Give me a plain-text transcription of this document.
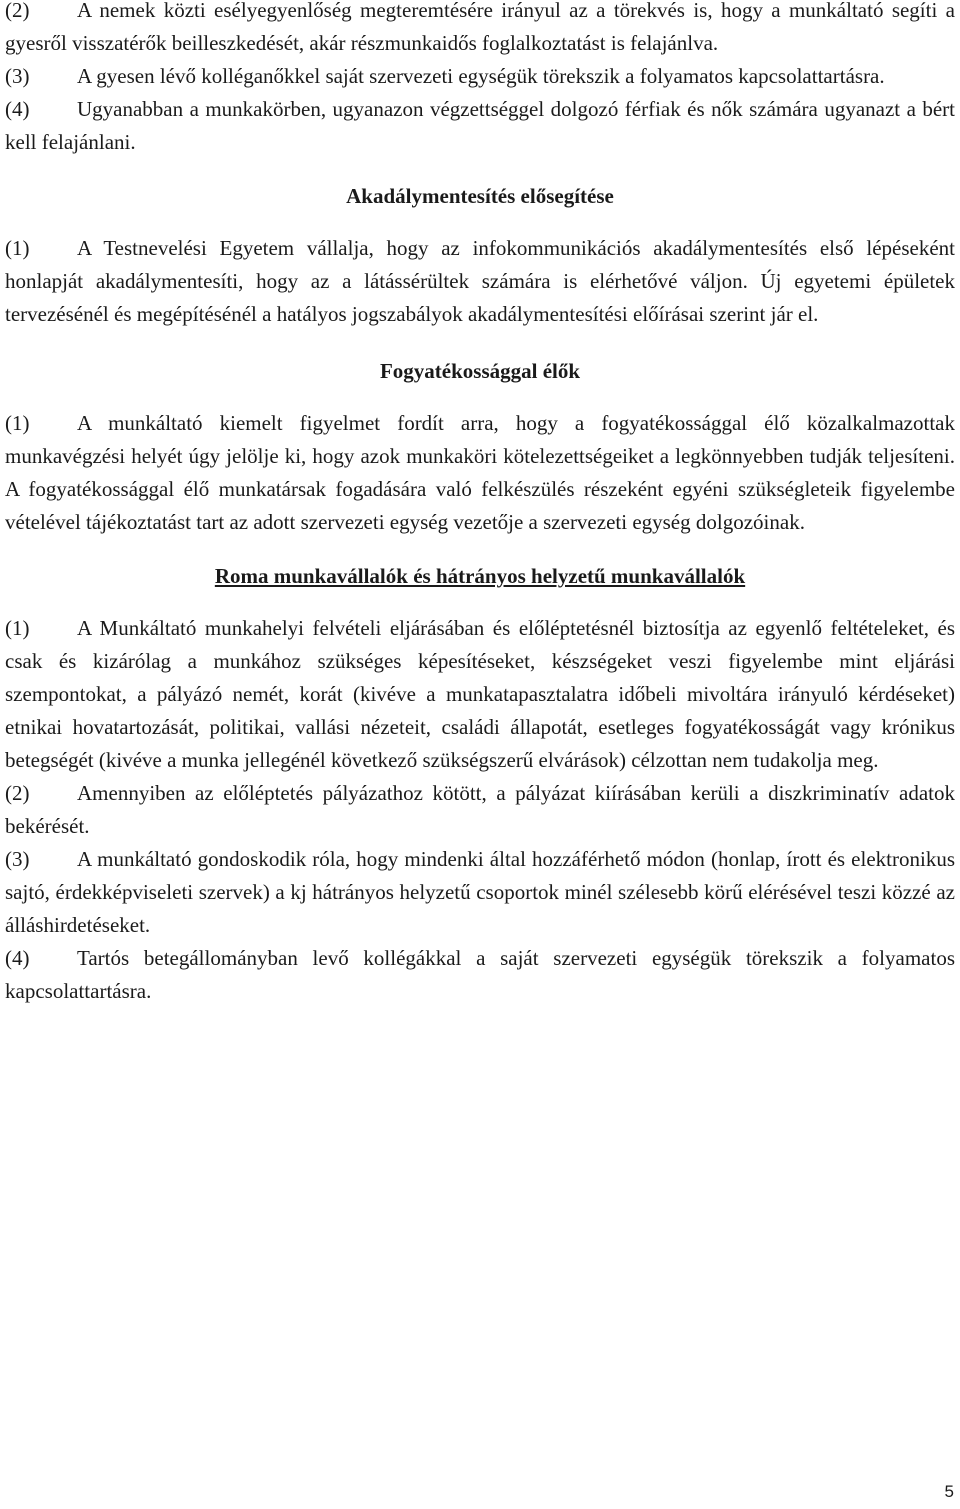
(2) A nemek közti esélyegyenlőség megteremtésére irányul az a törekvés is, hogy a munkáltató segíti a gyesről visszatérők beilleszkedését, akár részmunkaidős foglalkoztatást is felajánlva.

(3) A gyesen lévő kolléganőkkel saját szervezeti egységük törekszik a folyamatos kapcsolattartásra.

(4) Ugyanabban a munkakörben, ugyanazon végzettséggel dolgozó férfiak és nők számára ugyanazt a bért kell felajánlani.

Akadálymentesítés elősegítése

(1) A Testnevelési Egyetem vállalja, hogy az infokommunikációs akadálymentesítés első lépéseként honlapját akadálymentesíti, hogy az a látássérültek számára is elérhetővé váljon. Új egyetemi épületek tervezésénél és megépítésénél a hatályos jogszabályok akadálymentesítési előírásai szerint jár el.

Fogyatékossággal élők

(1) A munkáltató kiemelt figyelmet fordít arra, hogy a fogyatékossággal élő közalkalmazottak munkavégzési helyét úgy jelölje ki, hogy azok munkaköri kötelezettségeiket a legkönnyebben tudják teljesíteni. A fogyatékossággal élő munkatársak fogadására való felkészülés részeként egyéni szükségleteik figyelembe vételével tájékoztatást tart az adott szervezeti egység vezetője a szervezeti egység dolgozóinak.

Roma munkavállalók és hátrányos helyzetű munkavállalók

(1) A Munkáltató munkahelyi felvételi eljárásában és előléptetésnél biztosítja az egyenlő feltételeket, és csak és kizárólag a munkához szükséges képesítéseket, készségeket veszi figyelembe mint eljárási szempontokat, a pályázó nemét, korát (kivéve a munkatapasztalatra időbeli mivoltára irányuló kérdéseket) etnikai hovatartozását, politikai, vallási nézeteit, családi állapotát, esetleges fogyatékosságát vagy krónikus betegségét (kivéve a munka jellegénél következő szükségszerű elvárások) célzottan nem tudakolja meg.

(2) Amennyiben az előléptetés pályázathoz kötött, a pályázat kiírásában kerüli a diszkriminatív adatok bekérését.

(3) A munkáltató gondoskodik róla, hogy mindenki által hozzáférhető módon (honlap, írott és elektronikus sajtó, érdekképviseleti szervek) a kj hátrányos helyzetű csoportok minél szélesebb körű elérésével teszi közzé az álláshirdetéseket.

(4) Tartós betegállományban levő kollégákkal a saját szervezeti egységük törekszik a folyamatos kapcsolattartásra.

5
